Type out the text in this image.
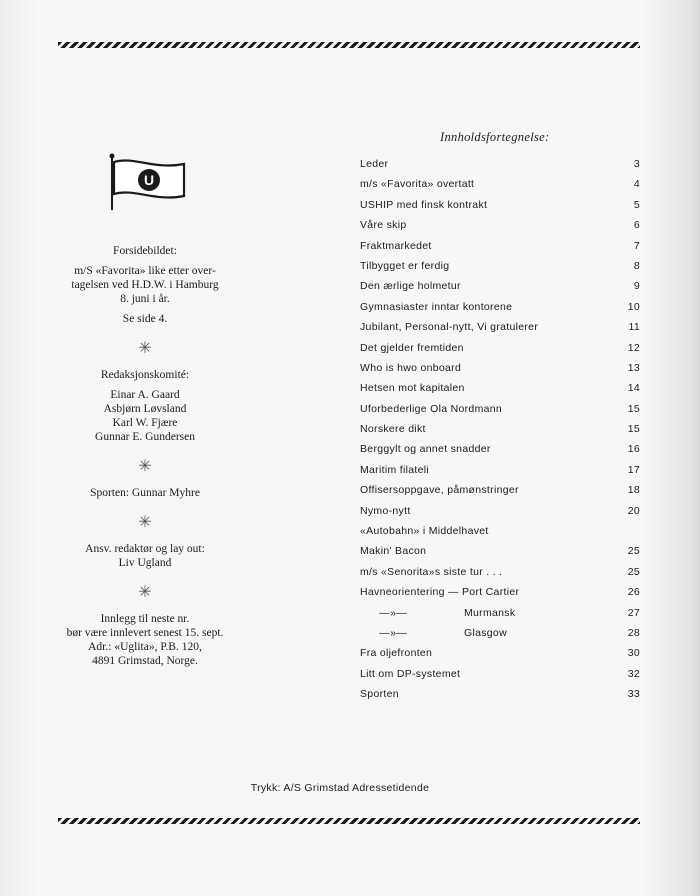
Innholdsfortegnelse:
U
Forsidebildet:
m/S «Favorita» like etter over-
tagelsen ved H.D.W. i Hamburg
8. juni i år.
Se side 4.
✳
Redaksjonskomité:
Einar A. Gaard
Asbjørn Løvsland
Karl W. Fjære
Gunnar E. Gundersen
✳
Sporten: Gunnar Myhre
✳
Ansv. redaktør og lay out:
Liv Ugland
✳
Innlegg til neste nr.
bør være innlevert senest 15. sept.
Adr.: «Uglita», P.B. 120,
4891 Grimstad, Norge.
Leder	3
m/s «Favorita» overtatt	4
USHIP med finsk kontrakt	5
Våre skip	6
Fraktmarkedet	7
Tilbygget er ferdig	8
Den ærlige holmetur	9
Gymnasiaster inntar kontorene	10
Jubilant, Personal-nytt, Vi gratulerer	11
Det gjelder fremtiden	12
Who is hwo onboard	13
Hetsen mot kapitalen	14
Uforbederlige Ola Nordmann	15
Norskere dikt	15
Berggylt og annet snadder	16
Maritim filateli	17
Offisersoppgave, påmønstringer	18
Nymo-nytt	20
«Autobahn» i Middelhavet
Makin' Bacon	25
m/s «Senorita»s siste tur . . .	25
Havneorientering — Port Cartier	26
—»—	Murmansk	27
—»—	Glasgow	28
Fra oljefronten	30
Litt om DP-systemet	32
Sporten	33
Trykk: A/S Grimstad Adressetidende
